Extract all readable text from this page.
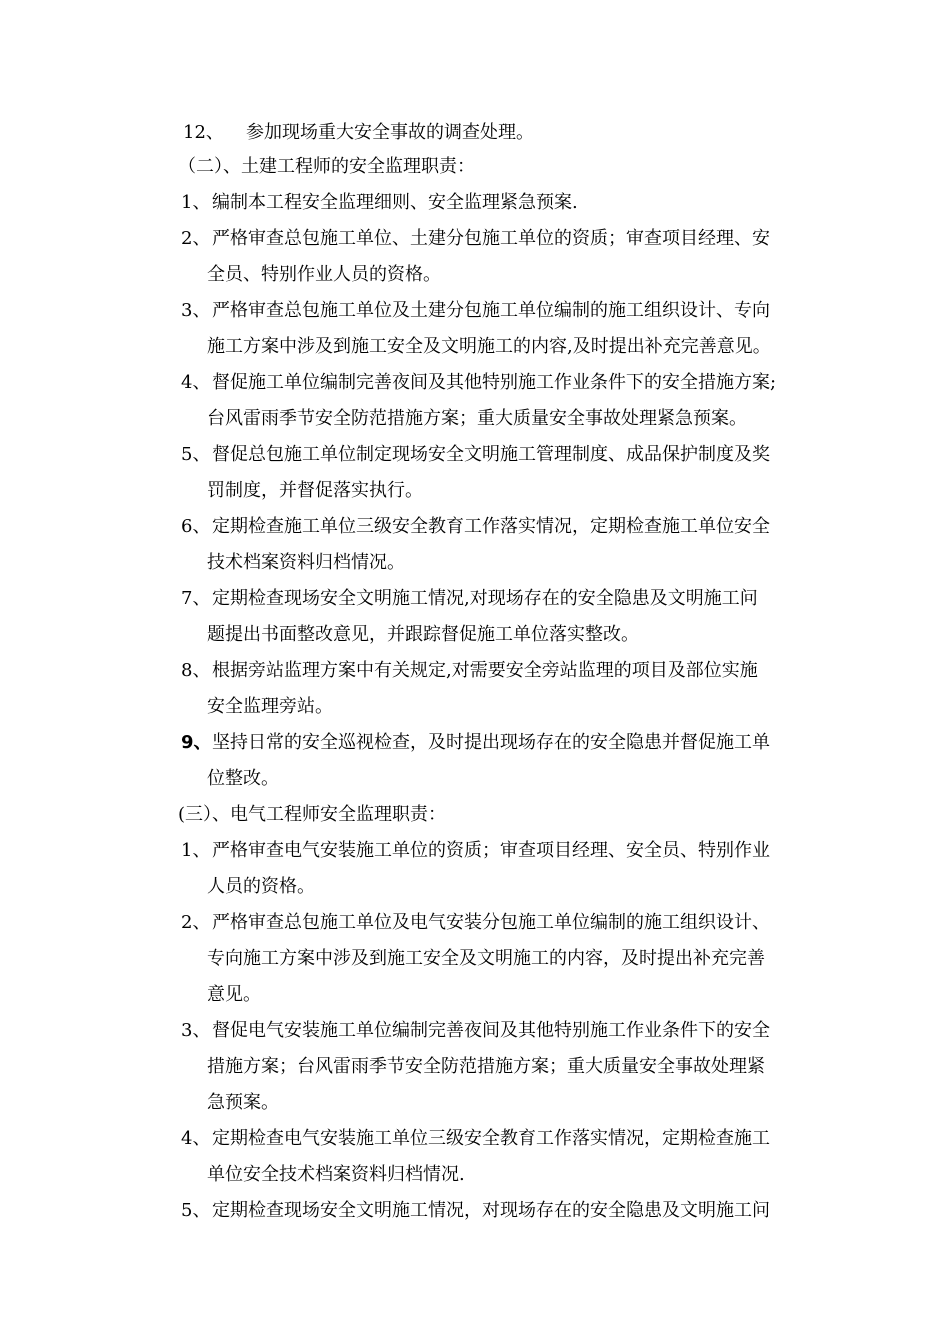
12、 参加现场重大安全事故的调查处理。
（二）、土建工程师的安全监理职责：
1、 编制本工程安全监理细则、安全监理紧急预案.
2、 严格审查总包施工单位、土建分包施工单位的资质；审查项目经理、安
全员、特别作业人员的资格。
3、 严格审查总包施工单位及土建分包施工单位编制的施工组织设计、专向
施工方案中涉及到施工安全及文明施工的内容,及时提出补充完善意见。
4、 督促施工单位编制完善夜间及其他特别施工作业条件下的安全措施方案;
台风雷雨季节安全防范措施方案；重大质量安全事故处理紧急预案。
5、 督促总包施工单位制定现场安全文明施工管理制度、成品保护制度及奖
罚制度，并督促落实执行。
6、 定期检查施工单位三级安全教育工作落实情况，定期检查施工单位安全
技术档案资料归档情况。
7、 定期检查现场安全文明施工情况,对现场存在的安全隐患及文明施工问
题提出书面整改意见，并跟踪督促施工单位落实整改。
8、 根据旁站监理方案中有关规定,对需要安全旁站监理的项目及部位实施
安全监理旁站。
9、 坚持日常的安全巡视检查，及时提出现场存在的安全隐患并督促施工单
位整改。
(三）、电气工程师安全监理职责：
1、 严格审查电气安装施工单位的资质；审查项目经理、安全员、特别作业
人员的资格。
2、 严格审查总包施工单位及电气安装分包施工单位编制的施工组织设计、
专向施工方案中涉及到施工安全及文明施工的内容，及时提出补充完善
意见。
3、 督促电气安装施工单位编制完善夜间及其他特别施工作业条件下的安全
措施方案；台风雷雨季节安全防范措施方案；重大质量安全事故处理紧
急预案。
4、 定期检查电气安装施工单位三级安全教育工作落实情况，定期检查施工
单位安全技术档案资料归档情况.
5、 定期检查现场安全文明施工情况，对现场存在的安全隐患及文明施工问
